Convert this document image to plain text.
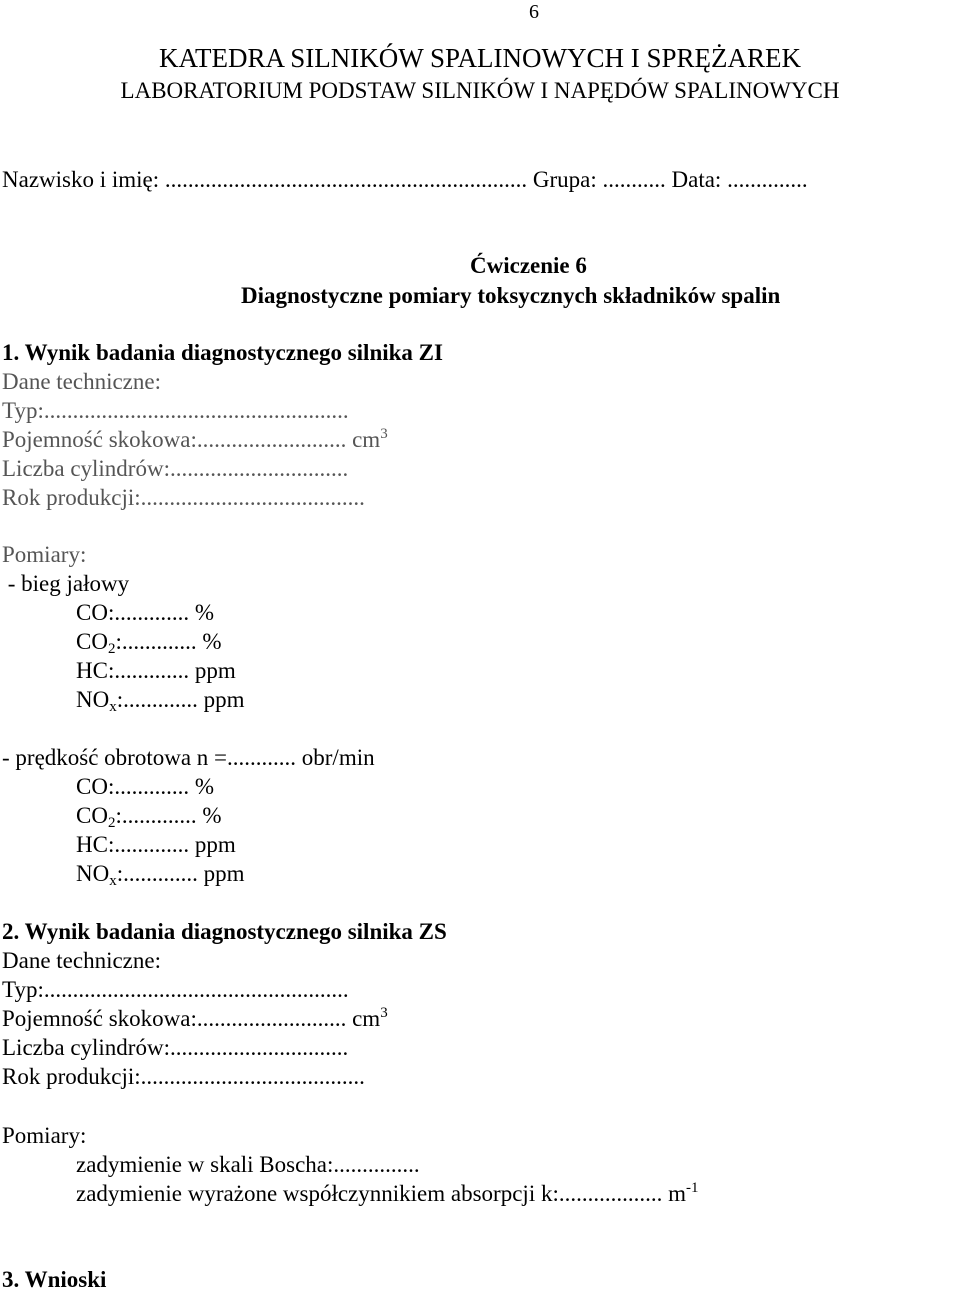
6
KATEDRA SILNIKÓW SPALINOWYCH I SPRĘŻAREK
LABORATORIUM PODSTAW SILNIKÓW I NAPĘDÓW SPALINOWYCH
Nazwisko i imię: ............................................................... Grupa: ........... Data: ..............
Ćwiczenie 6
Diagnostyczne pomiary toksycznych składników spalin
1. Wynik badania diagnostycznego silnika ZI
Dane techniczne:
Typ:.....................................................
Pojemność skokowa:.......................... $cm^3$
Liczba cylindrów:...............................
Rok produkcji:.......................................
Pomiary:
- bieg jałowy
CO:............. %
$CO_2$:............. %
HC:............. ppm
$NO_x$:............. ppm
- prędkość obrotowa n =............ obr/min
CO:............. %
$CO_2$:............. %
HC:............. ppm
$NO_x$:............. ppm
2. Wynik badania diagnostycznego silnika ZS
Dane techniczne:
Typ:.....................................................
Pojemność skokowa:.......................... $cm^3$
Liczba cylindrów:...............................
Rok produkcji:.......................................
Pomiary:
zadymienie w skali Boscha:...............
zadymienie wyrażone współczynnikiem absorpcji k:.................. $m^{-1}$
3. Wnioski
